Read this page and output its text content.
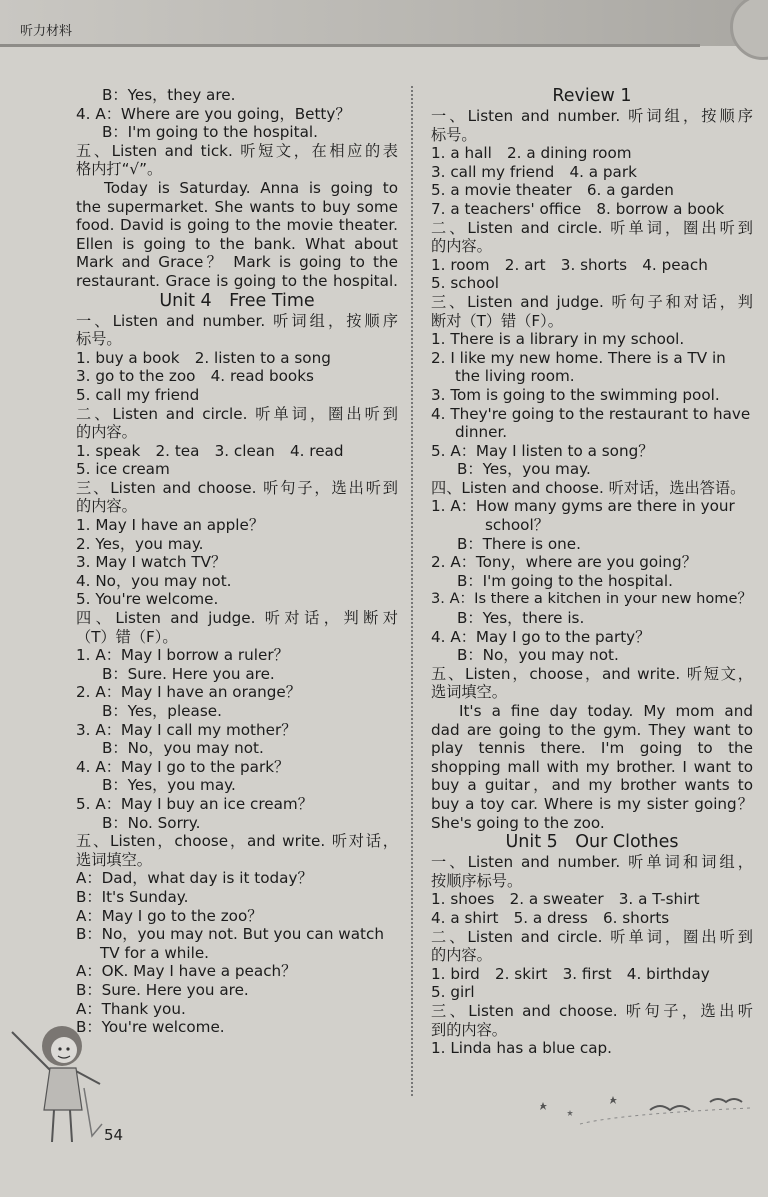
听力材料
B：Yes，they are.
4. A：Where are you going，Betty？
B：I'm going to the hospital.
五、Listen and tick. 听短文，在相应的表
格内打“√”。
Today is Saturday. Anna is going to
the supermarket. She wants to buy some
food. David is going to the movie theater.
Ellen is going to the bank. What about
Mark and Grace？ Mark is going to the
restaurant. Grace is going to the hospital.
Unit 4　Free Time
一、Listen and number. 听词组，按顺序
标号。
1. buy a book　2. listen to a song
3. go to the zoo　4. read books
5. call my friend
二、Listen and circle. 听单词，圈出听到
的内容。
1. speak　2. tea　3. clean　4. read
5. ice cream
三、Listen and choose. 听句子，选出听到
的内容。
1. May I have an apple？
2. Yes，you may.
3. May I watch TV？
4. No，you may not.
5. You're welcome.
四、Listen and judge. 听对话，判断对
（T）错（F）。
1. A：May I borrow a ruler？
B：Sure. Here you are.
2. A：May I have an orange？
B：Yes，please.
3. A：May I call my mother？
B：No，you may not.
4. A：May I go to the park？
B：Yes，you may.
5. A：May I buy an ice cream？
B：No. Sorry.
五、Listen，choose，and write. 听对话，
选词填空。
A：Dad，what day is it today？
B：It's Sunday.
A：May I go to the zoo？
B：No，you may not. But you can watch
TV for a while.
A：OK. May I have a peach？
B：Sure. Here you are.
A：Thank you.
B：You're welcome.
Review 1
一、Listen and number. 听词组，按顺序
标号。
1. a hall　2. a dining room
3. call my friend　4. a park
5. a movie theater　6. a garden
7. a teachers' office　8. borrow a book
二、Listen and circle. 听单词，圈出听到
的内容。
1. room　2. art　3. shorts　4. peach
5. school
三、Listen and judge. 听句子和对话，判
断对（T）错（F）。
1. There is a library in my school.
2. I like my new home. There is a TV in
the living room.
3. Tom is going to the swimming pool.
4. They're going to the restaurant to have
dinner.
5. A：May I listen to a song？
B：Yes，you may.
四、Listen and choose. 听对话，选出答语。
1. A：How many gyms are there in your
school？
B：There is one.
2. A：Tony，where are you going？
B：I'm going to the hospital.
3. A：Is there a kitchen in your new home？
B：Yes，there is.
4. A：May I go to the party？
B：No，you may not.
五、Listen，choose，and write. 听短文，
选词填空。
It's a fine day today. My mom and
dad are going to the gym. They want to
play tennis there. I'm going to the
shopping mall with my brother. I want to
buy a guitar，and my brother wants to
buy a toy car. Where is my sister going？
She's going to the zoo.
Unit 5　Our Clothes
一、Listen and number. 听单词和词组，
按顺序标号。
1. shoes　2. a sweater　3. a T-shirt
4. a shirt　5. a dress　6. shorts
二、Listen and circle. 听单词，圈出听到
的内容。
1. bird　2. skirt　3. first　4. birthday
5. girl
三、Listen and choose. 听句子，选出听
到的内容。
1. Linda has a blue cap.
54
